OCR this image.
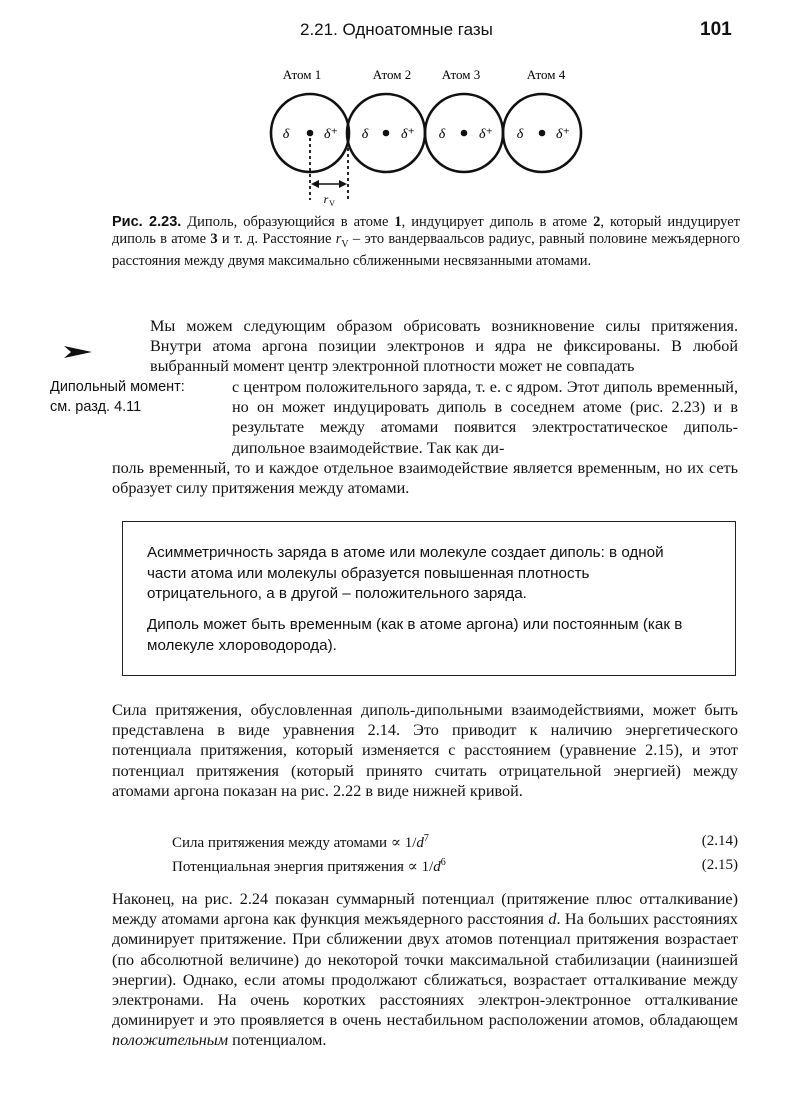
2.21. Одноатомные газы	101
Атом 1
δ δ⁺
Атом 2
δ δ⁺
Атом 3
δ δ⁺
Атом 4
δ δ⁺
r V
Рис. 2.23. Диполь, образующийся в атоме 1, индуцирует диполь в атоме 2, который индуцирует диполь в атоме 3 и т. д. Расстояние $r_V$ – это вандерваальсов радиус, равный половине межъядерного расстояния между двумя максимально сближенными несвязанными атомами.
Мы можем следующим образом обрисовать возникновение силы притяжения. Внутри атома аргона позиции электронов и ядра не фиксированы. В любой выбранный момент центр электронной плотности может не совпадать
с центром положительного заряда, т. е. с ядром. Этот диполь временный, но он может индуцировать диполь в соседнем атоме (рис. 2.23) и в результате между атомами появится электростатическое диполь-дипольное взаимодействие. Так как ди-
поль временный, то и каждое отдельное взаимодействие является временным, но их сеть образует силу притяжения между атомами.
Дипольный момент:
см. разд. 4.11
Асимметричность заряда в атоме или молекуле создает диполь: в одной части атома или молекулы образуется повышенная плотность отрицательного, а в другой – положительного заряда.
Диполь может быть временным (как в атоме аргона) или постоянным (как в молекуле хлороводорода).
Сила притяжения, обусловленная диполь-дипольными взаимодействиями, может быть представлена в виде уравнения 2.14. Это приводит к наличию энергетического потенциала притяжения, который изменяется с расстоянием (уравнение 2.15), и этот потенциал притяжения (который принято считать отрицательной энергией) между атомами аргона показан на рис. 2.22 в виде нижней кривой.
Сила притяжения между атомами ∝ $1/d^7$	(2.14)
Потенциальная энергия притяжения ∝ $1/d^6$	(2.15)
Наконец, на рис. 2.24 показан суммарный потенциал (притяжение плюс отталкивание) между атомами аргона как функция межъядерного расстояния d. На больших расстояниях доминирует притяжение. При сближении двух атомов потенциал притяжения возрастает (по абсолютной величине) до некоторой точки максимальной стабилизации (наинизшей энергии). Однако, если атомы продолжают сближаться, возрастает отталкивание между электронами. На очень коротких расстояниях электрон-электронное отталкивание доминирует и это проявляется в очень нестабильном расположении атомов, обладающем положительным потенциалом.
